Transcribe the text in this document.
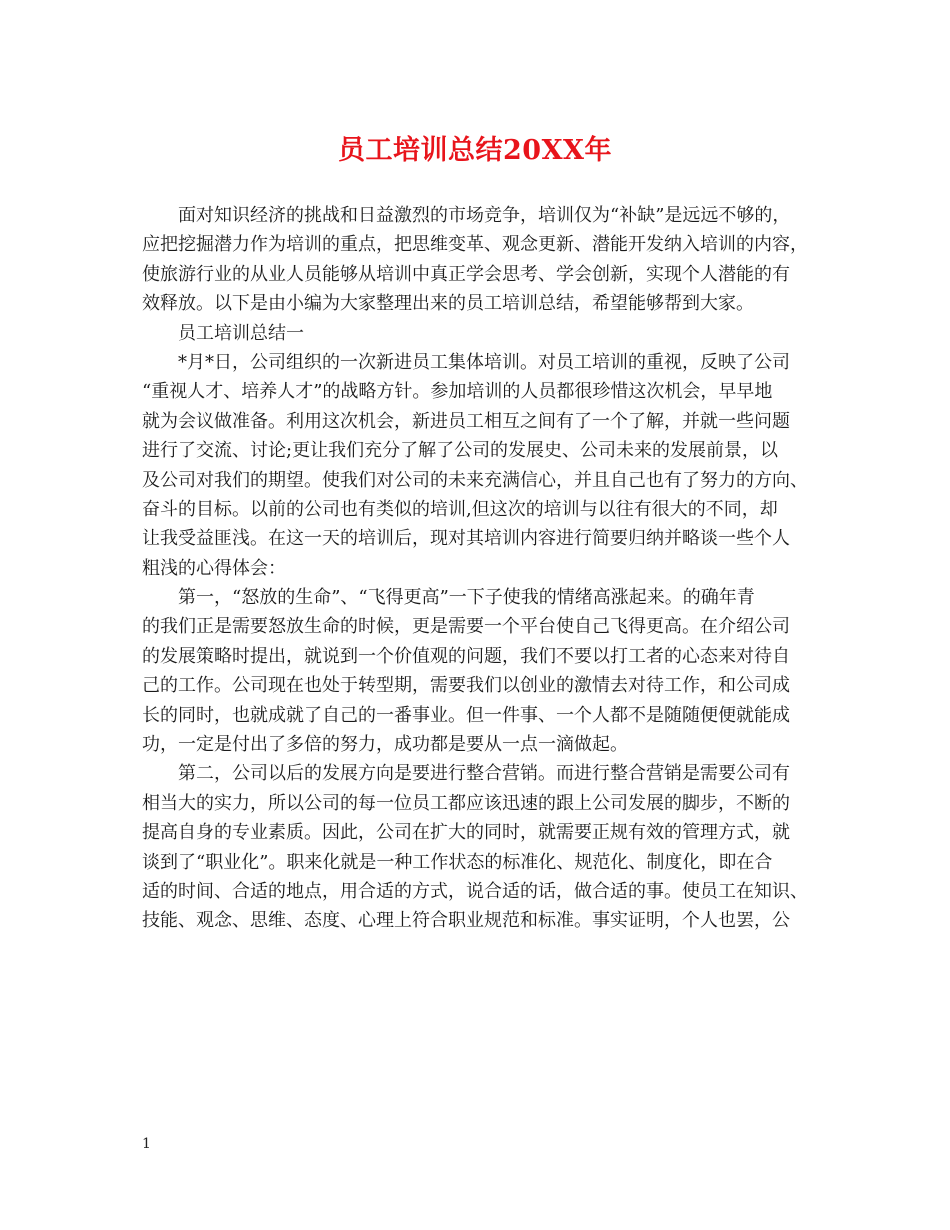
员工培训总结20XX年
面对知识经济的挑战和日益激烈的市场竞争，培训仅为“补缺”是远远不够的，
应把挖掘潜力作为培训的重点，把思维变革、观念更新、潜能开发纳入培训的内容，
使旅游行业的从业人员能够从培训中真正学会思考、学会创新，实现个人潜能的有
效释放。以下是由小编为大家整理出来的员工培训总结，希望能够帮到大家。
员工培训总结一
*月*日，公司组织的一次新进员工集体培训。对员工培训的重视，反映了公司
“重视人才、培养人才”的战略方针。参加培训的人员都很珍惜这次机会，早早地
就为会议做准备。利用这次机会，新进员工相互之间有了一个了解，并就一些问题
进行了交流、讨论;更让我们充分了解了公司的发展史、公司未来的发展前景，以
及公司对我们的期望。使我们对公司的未来充满信心，并且自己也有了努力的方向、
奋斗的目标。以前的公司也有类似的培训,但这次的培训与以往有很大的不同，却
让我受益匪浅。在这一天的培训后，现对其培训内容进行简要归纳并略谈一些个人
粗浅的心得体会：
第一，“怒放的生命”、“飞得更高”一下子使我的情绪高涨起来。的确年青
的我们正是需要怒放生命的时候，更是需要一个平台使自己飞得更高。在介绍公司
的发展策略时提出，就说到一个价值观的问题，我们不要以打工者的心态来对待自
己的工作。公司现在也处于转型期，需要我们以创业的激情去对待工作，和公司成
长的同时，也就成就了自己的一番事业。但一件事、一个人都不是随随便便就能成
功，一定是付出了多倍的努力，成功都是要从一点一滴做起。
第二，公司以后的发展方向是要进行整合营销。而进行整合营销是需要公司有
相当大的实力，所以公司的每一位员工都应该迅速的跟上公司发展的脚步，不断的
提高自身的专业素质。因此，公司在扩大的同时，就需要正规有效的管理方式，就
谈到了“职业化”。职来化就是一种工作状态的标准化、规范化、制度化，即在合
适的时间、合适的地点，用合适的方式，说合适的话，做合适的事。使员工在知识、
技能、观念、思维、态度、心理上符合职业规范和标准。事实证明，个人也罢，公
1
